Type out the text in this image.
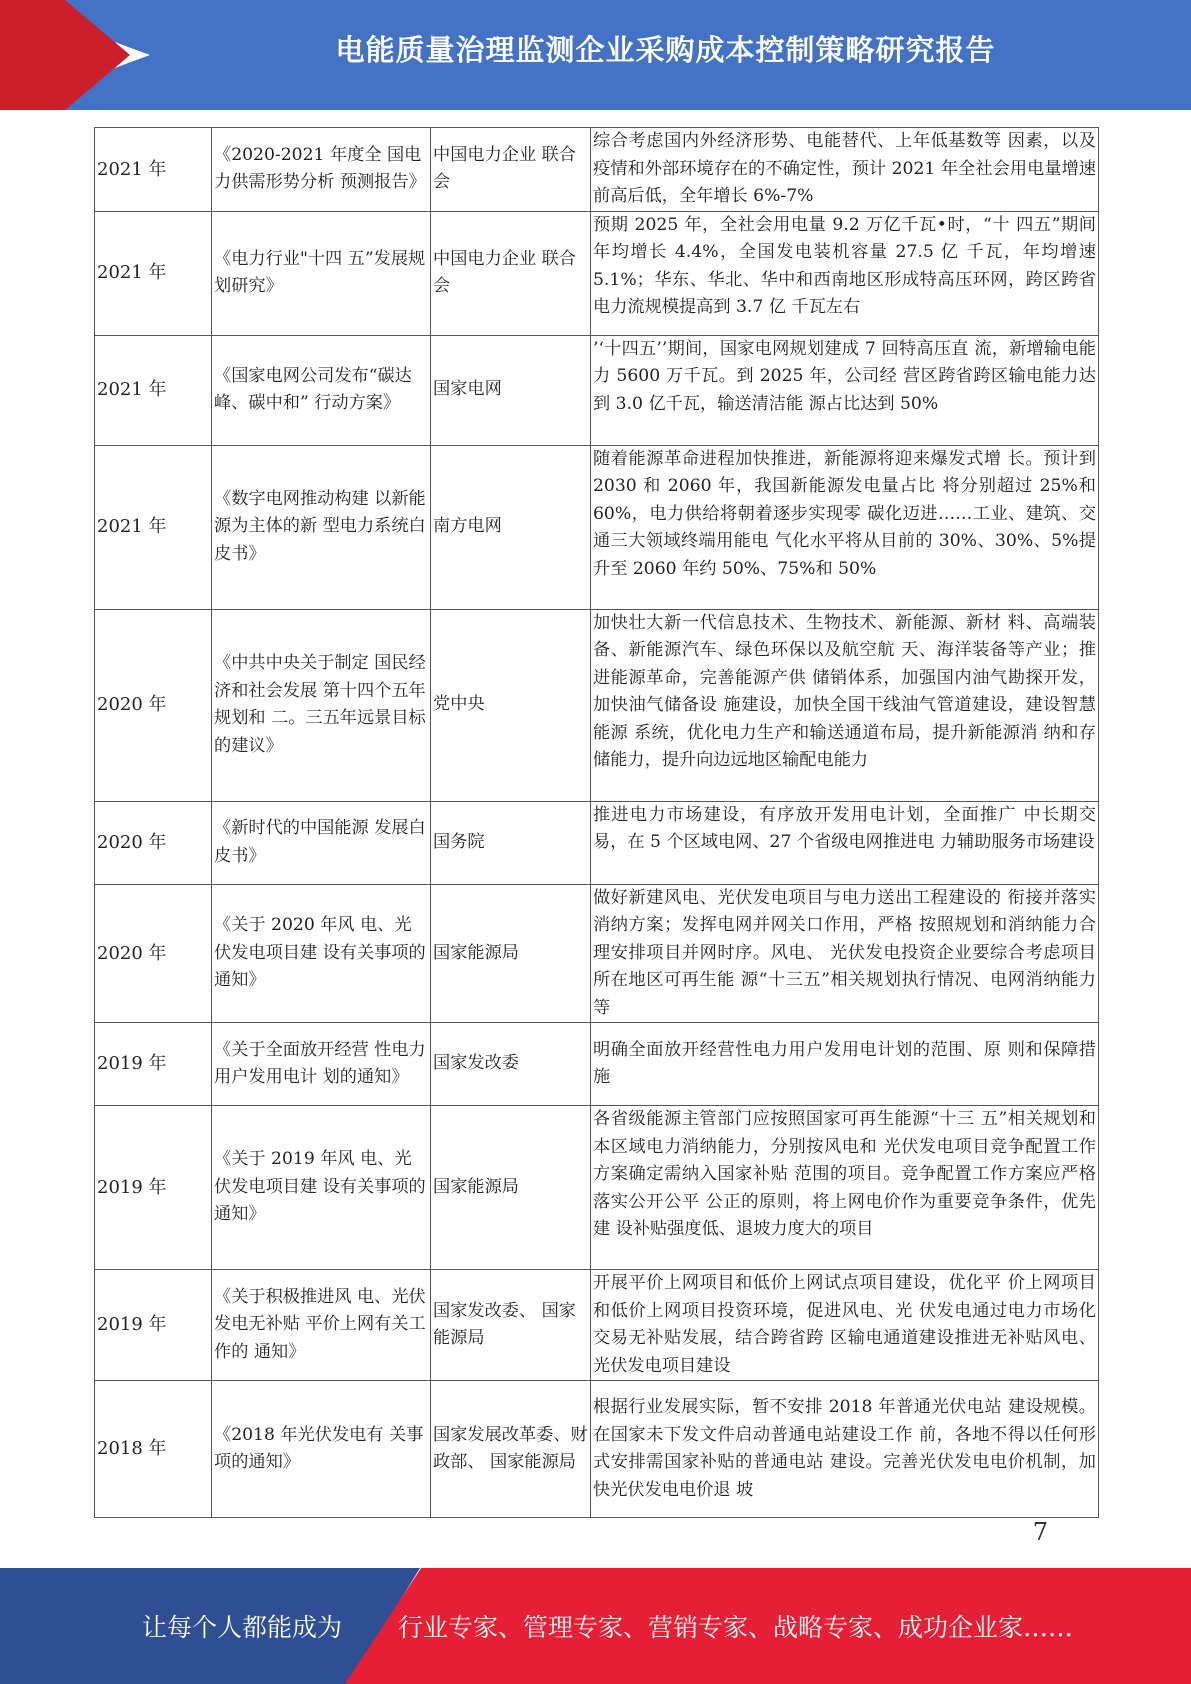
电能质量治理监测企业采购成本控制策略研究报告
2021 年	《2020-2021 年度全 国电力供需形势分析 预测报告》	中国电力企业 联合会	综合考虑国内外经济形势、电能替代、上年低基数等 因素，以及疫情和外部环境存在的不确定性，预计 2021 年全社会用电量增速前高后低，全年增长 6%-7%
2021 年	《电力行业"十四 五”发展规划研究》	中国电力企业 联合会	预期 2025 年，全社会用电量 9.2 万亿千瓦•时，“十 四五”期间年均增长 4.4%，全国发电装机容量 27.5 亿 千瓦，年均增速 5.1%；华东、华北、华中和西南地区形成特高压环网，跨区跨省电力流规模提高到 3.7 亿 千瓦左右
2021 年	《国家电网公司发布“碳达峰、碳中和” 行动方案》	国家电网	’‘十四五’’期间，国家电网规划建成 7 回特高压直 流，新增输电能力 5600 万千瓦。到 2025 年，公司经 营区跨省跨区输电能力达到 3.0 亿千瓦，输送清洁能 源占比达到 50%
2021 年	《数字电网推动构建 以新能源为主体的新 型电力系统白皮书》	南方电网	随着能源革命进程加快推进，新能源将迎来爆发式增 长。预计到 2030 和 2060 年，我国新能源发电量占比 将分别超过 25%和 60%，电力供给将朝着逐步实现零 碳化迈进……工业、建筑、交通三大领域终端用能电 气化水平将从目前的 30%、30%、5%提升至 2060 年约 50%、75%和 50%
2020 年	《中共中央关于制定 国民经济和社会发展 第十四个五年规划和 二。三五年远景目标 的建议》	党中央	加快壮大新一代信息技术、生物技术、新能源、新材 料、高端装备、新能源汽车、绿色环保以及航空航 天、海洋装备等产业；推进能源革命，完善能源产供 储销体系，加强国内油气勘探开发，加快油气储备设 施建设，加快全国干线油气管道建设，建设智慧能源 系统，优化电力生产和输送通道布局，提升新能源消 纳和存储能力，提升向边远地区输配电能力
2020 年	《新时代的中国能源 发展白皮书》	国务院	推进电力市场建设，有序放开发用电计划，全面推广 中长期交易，在 5 个区域电网、27 个省级电网推进电 力辅助服务市场建设
2020 年	《关于 2020 年风 电、光伏发电项目建 设有关事项的通知》	国家能源局	做好新建风电、光伏发电项目与电力送出工程建设的 衔接并落实消纳方案；发挥电网并网关口作用，严格 按照规划和消纳能力合理安排项目并网时序。风电、 光伏发电投资企业要综合考虑项目所在地区可再生能 源“十三五”相关规划执行情况、电网消纳能力等
2019 年	《关于全面放开经营 性电力用户发用电计 划的通知》	国家发改委	明确全面放开经营性电力用户发用电计划的范围、原 则和保障措施
2019 年	《关于 2019 年风 电、光伏发电项目建 设有关事项的通知》	国家能源局	各省级能源主管部门应按照国家可再生能源“十三 五”相关规划和本区域电力消纳能力，分别按风电和 光伏发电项目竞争配置工作方案确定需纳入国家补贴 范围的项目。竞争配置工作方案应严格落实公开公平 公正的原则，将上网电价作为重要竞争条件，优先建 设补贴强度低、退坡力度大的项目
2019 年	《关于积极推进风 电、光伏发电无补贴 平价上网有关工作的 通知》	国家发改委、 国家能源局	开展平价上网项目和低价上网试点项目建设，优化平 价上网项目和低价上网项目投资环境，促进风电、光 伏发电通过电力市场化交易无补贴发展，结合跨省跨 区输电通道建设推进无补贴风电、光伏发电项目建设
2018 年	《2018 年光伏发电有 关事项的通知》	国家发展改革委、财政部、 国家能源局	根据行业发展实际，暂不安排 2018 年普通光伏电站 建设规模。在国家未下发文件启动普通电站建设工作 前，各地不得以任何形式安排需国家补贴的普通电站 建设。完善光伏发电电价机制，加快光伏发电电价退 坡
7
让每个人都能成为 行业专家、管理专家、营销专家、战略专家、成功企业家……
